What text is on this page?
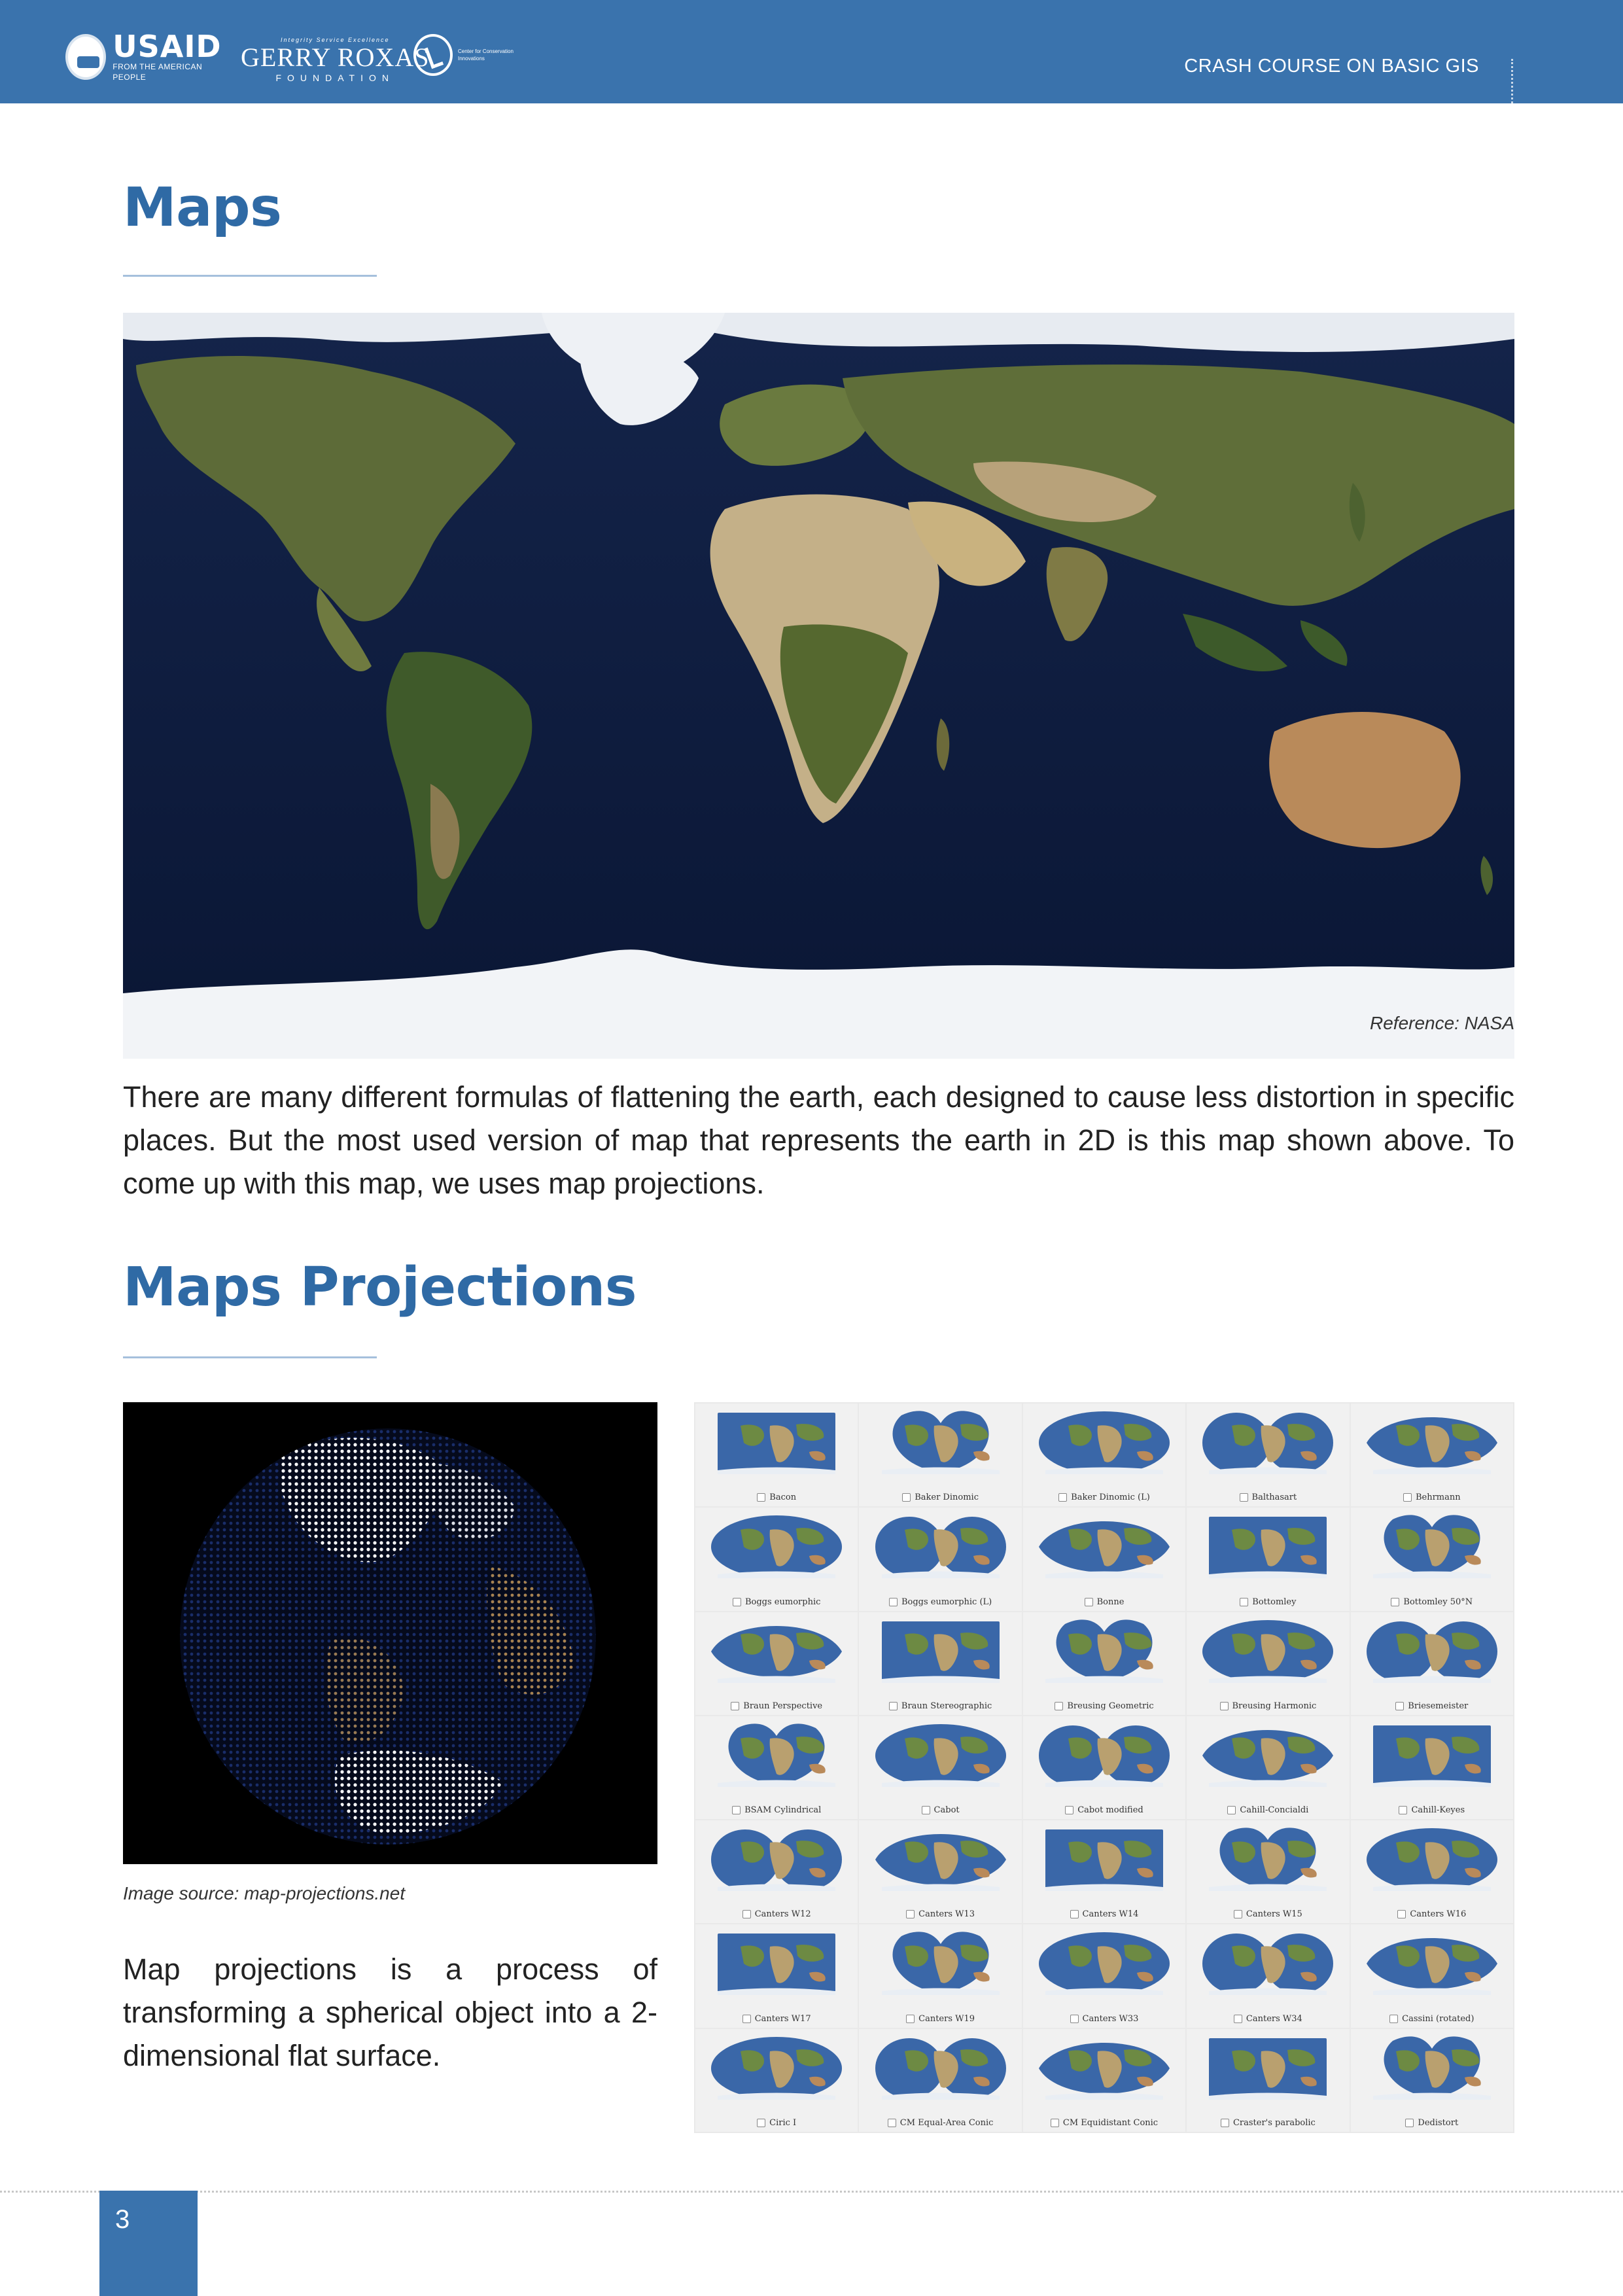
USAID
FROM THE AMERICAN PEOPLE
Integrity Service Excellence
GERRY ROXAS
FOUNDATION
Center for Conservation Innovations	CRASH COURSE ON BASIC GIS
Maps
Reference: NASA
There are many different formulas of flattening the earth, each designed to cause less distortion in specific places. But the most used version of map that represents the earth in 2D is this map shown above. To come up with this map, we uses map projections.
Maps Projections
Image source: map-projections.net
Map projections is a process of transforming a spherical object into a 2-dimensional flat surface.
Bacon	Baker Dinomic	Baker Dinomic (L)	Balthasart	Behrmann
Boggs eumorphic	Boggs eumorphic (L)	Bonne	Bottomley	Bottomley 50°N
Braun Perspective	Braun Stereographic	Breusing Geometric	Breusing Harmonic	Briesemeister
BSAM Cylindrical	Cabot	Cabot modified	Cahill-Concialdi	Cahill-Keyes
Canters W12	Canters W13	Canters W14	Canters W15	Canters W16
Canters W17	Canters W19	Canters W33	Canters W34	Cassini (rotated)
Ciric I	CM Equal-Area Conic	CM Equidistant Conic	Craster's parabolic	Dedistort
3
